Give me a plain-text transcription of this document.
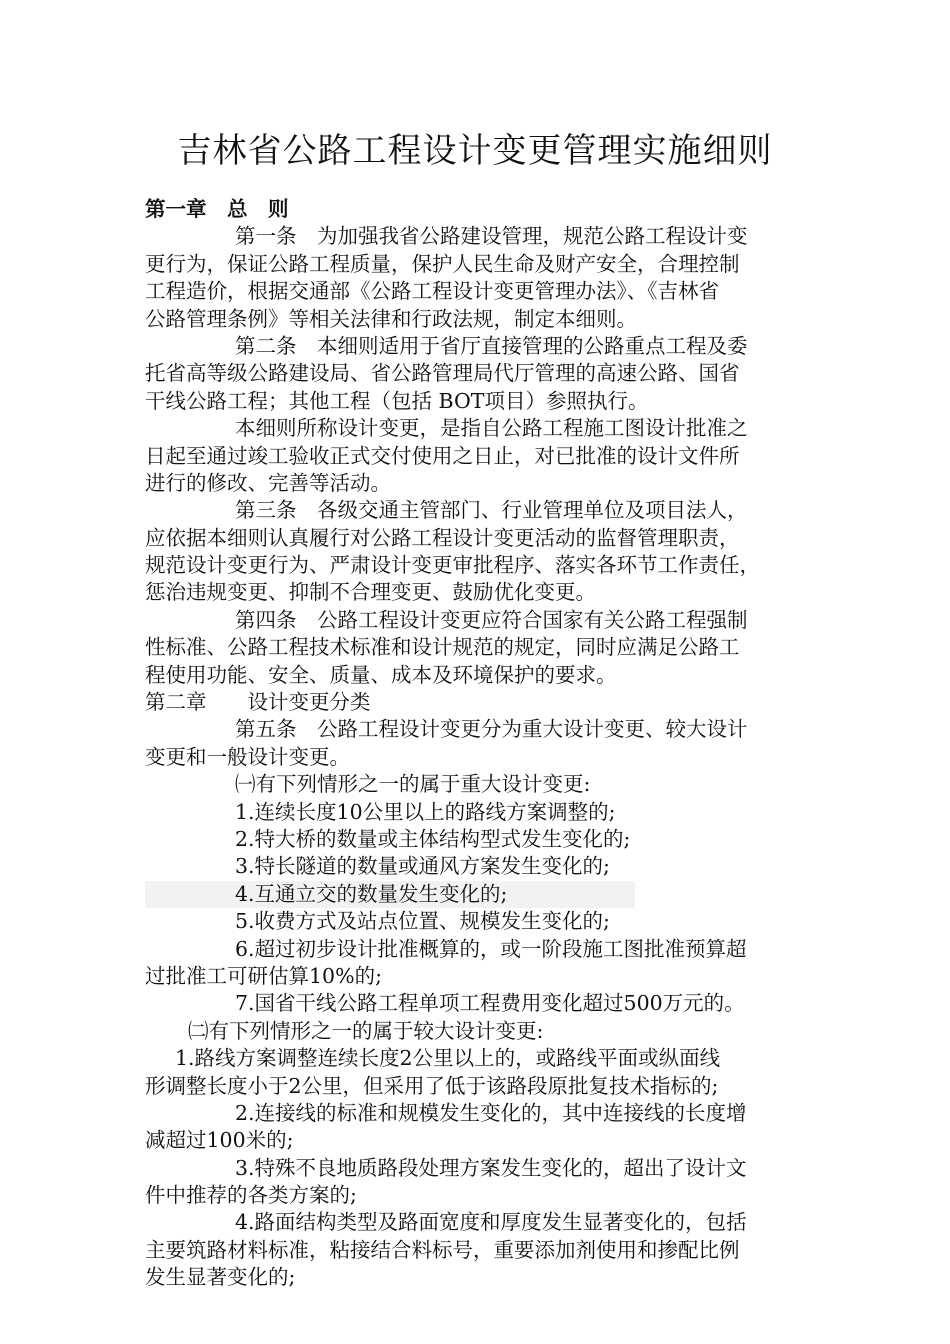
吉林省公路工程设计变更管理实施细则
第一章　总　则
第一条　为加强我省公路建设管理，规范公路工程设计变
更行为，保证公路工程质量，保护人民生命及财产安全，合理控制
工程造价，根据交通部《公路工程设计变更管理办法》、《吉林省
公路管理条例》等相关法律和行政法规，制定本细则。
第二条　本细则适用于省厅直接管理的公路重点工程及委
托省高等级公路建设局、省公路管理局代厅管理的高速公路、国省
干线公路工程；其他工程（包括 BOT项目）参照执行。
本细则所称设计变更，是指自公路工程施工图设计批准之
日起至通过竣工验收正式交付使用之日止，对已批准的设计文件所
进行的修改、完善等活动。
第三条　各级交通主管部门、行业管理单位及项目法人，
应依据本细则认真履行对公路工程设计变更活动的监督管理职责，
规范设计变更行为、严肃设计变更审批程序、落实各环节工作责任，
惩治违规变更、抑制不合理变更、鼓励优化变更。
第四条　公路工程设计变更应符合国家有关公路工程强制
性标准、公路工程技术标准和设计规范的规定，同时应满足公路工
程使用功能、安全、质量、成本及环境保护的要求。
第二章　　设计变更分类
第五条　公路工程设计变更分为重大设计变更、较大设计
变更和一般设计变更。
㈠有下列情形之一的属于重大设计变更:
1.连续长度10公里以上的路线方案调整的;
2.特大桥的数量或主体结构型式发生变化的;
3.特长隧道的数量或通风方案发生变化的;
4.互通立交的数量发生变化的;
5.收费方式及站点位置、规模发生变化的;
6.超过初步设计批准概算的，或一阶段施工图批准预算超
过批准工可研估算10%的;
7.国省干线公路工程单项工程费用变化超过500万元的。
㈡有下列情形之一的属于较大设计变更:
1.路线方案调整连续长度2公里以上的，或路线平面或纵面线
形调整长度小于2公里，但采用了低于该路段原批复技术指标的;
2.连接线的标准和规模发生变化的，其中连接线的长度增
减超过100米的;
3.特殊不良地质路段处理方案发生变化的，超出了设计文
件中推荐的各类方案的;
4.路面结构类型及路面宽度和厚度发生显著变化的，包括
主要筑路材料标准，粘接结合料标号，重要添加剂使用和掺配比例
发生显著变化的;
